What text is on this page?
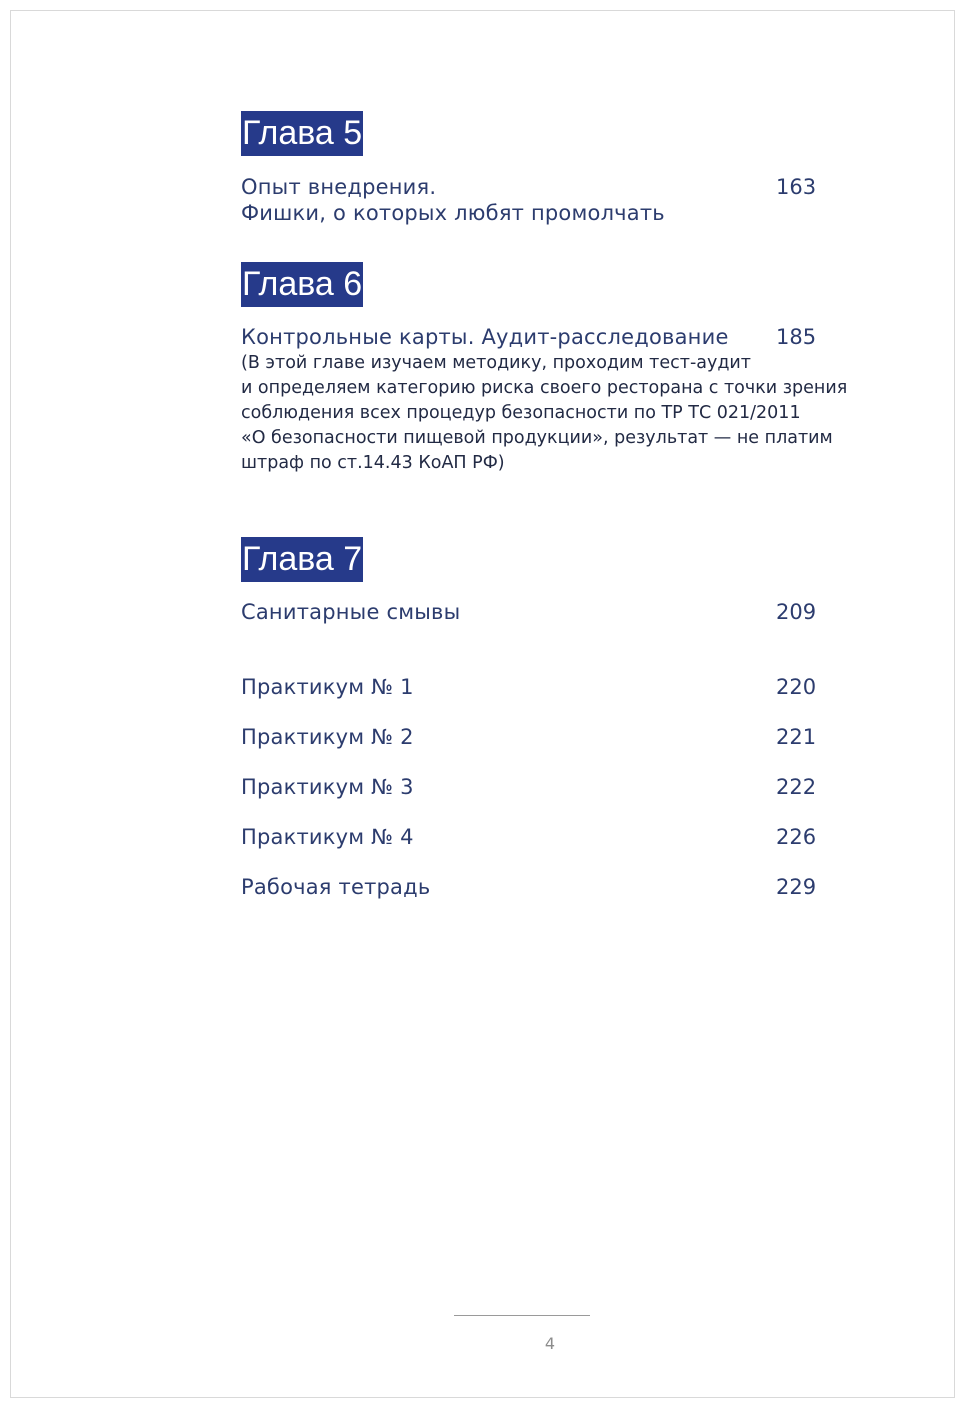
Глава 5
Опыт внедрения.
Фишки, о которых любят промолчать
163
Глава 6
Контрольные карты. Аудит-расследование 185
(В этой главе изучаем методику, проходим тест-аудит
и определяем категорию риска своего ресторана с точки зрения
соблюдения всех процедур безопасности по ТР ТС 021/2011
«О безопасности пищевой продукции», результат — не платим
штраф по ст.14.43 КоАП РФ)
Глава 7
Санитарные смывы	209
Практикум № 1	220
Практикум № 2	221
Практикум № 3	222
Практикум № 4	226
Рабочая тетрадь	229
4
